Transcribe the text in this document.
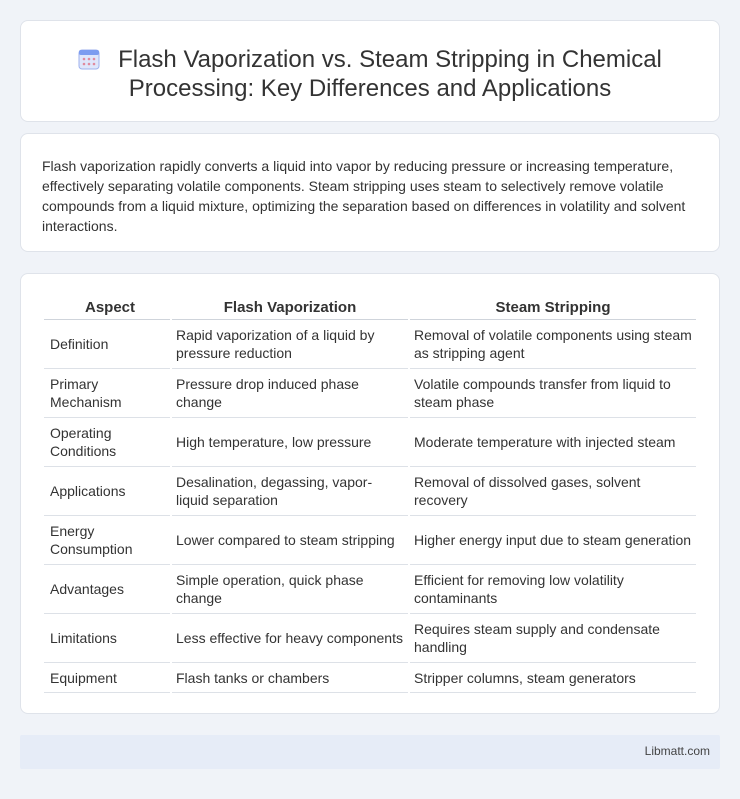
Flash Vaporization vs. Steam Stripping in Chemical Processing: Key Differences and Applications

Flash vaporization rapidly converts a liquid into vapor by reducing pressure or increasing temperature, effectively separating volatile components. Steam stripping uses steam to selectively remove volatile compounds from a liquid mixture, optimizing the separation based on differences in volatility and solvent interactions.

Aspect	Flash Vaporization	Steam Stripping
Definition	Rapid vaporization of a liquid by pressure reduction	Removal of volatile components using steam as stripping agent
Primary Mechanism	Pressure drop induced phase change	Volatile compounds transfer from liquid to steam phase
Operating Conditions	High temperature, low pressure	Moderate temperature with injected steam
Applications	Desalination, degassing, vapor-liquid separation	Removal of dissolved gases, solvent recovery
Energy Consumption	Lower compared to steam stripping	Higher energy input due to steam generation
Advantages	Simple operation, quick phase change	Efficient for removing low volatility contaminants
Limitations	Less effective for heavy components	Requires steam supply and condensate handling
Equipment	Flash tanks or chambers	Stripper columns, steam generators
Libmatt.com
